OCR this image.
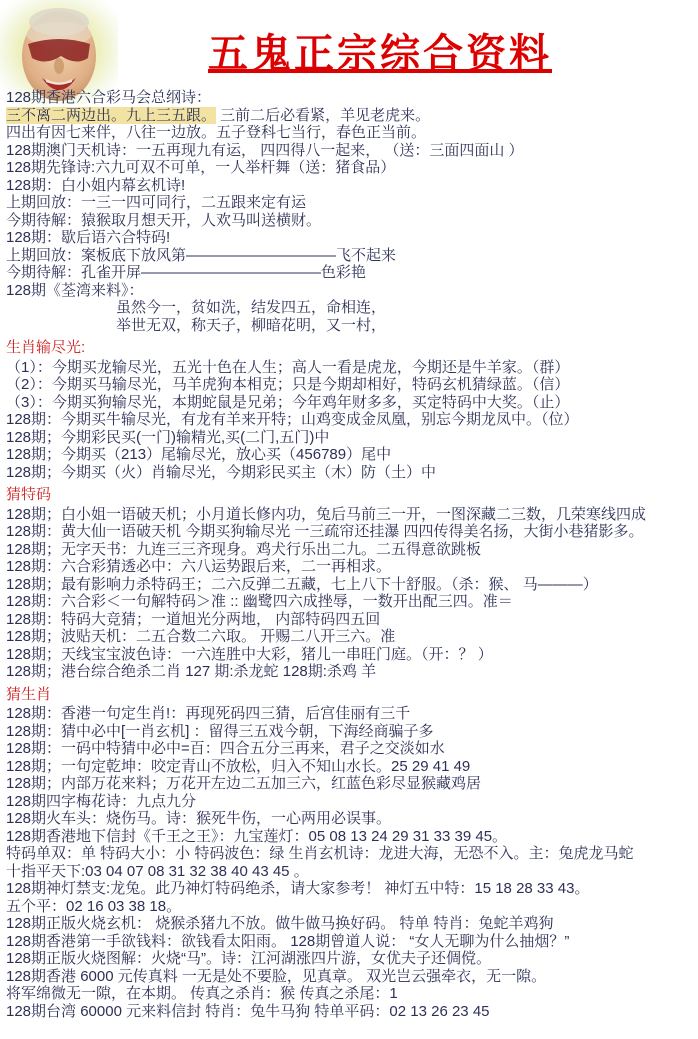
五鬼正宗综合资料
128期香港六合彩马会总纲诗：
三不离二两边出。九上三五跟。 三前二后必看紧，羊见老虎来。
四出有因七来伴，八往一边放。五子登科七当行，春色正当前。
128期澳门天机诗：一五再现九有运， 四四得八一起来， （送：三面四面山 ）
128期先锋诗:六九可双不可单，一人举杆舞（送：猪食品）
128期：白小姐内幕玄机诗!
上期回放：一三一四可同行，二五跟来定有运
今期待解：猿猴取月想天开，人欢马叫送横财。
128期：歇后语六合特码!
上期回放：案板底下放风第——————————飞不起来
今期待解：孔雀开屏————————————色彩艳
128期《荃湾来料》：
虽然今一，贫如洗，结发四五，命相连，
举世无双，称天子，柳暗花明，又一村，
生肖输尽光:
（1）：今期买龙输尽光，五光十色在人生；高人一看是虎龙，今期还是牛羊家。（群）
（2）：今期买马输尽光，马羊虎狗本相克；只是今期却相好，特码玄机猜绿蓝。（信）
（3）：今期买狗输尽光，本期蛇鼠是兄弟；今年鸡年财多多，买定特码中大奖。（止）
128期：今期买牛输尽光，有龙有羊来开特；山鸡变成金凤凰，别忘今期龙凤中。（位）
128期；今期彩民买(一门)输精光,买(二门,五门)中
128期；今期买（213）尾输尽光，放心买（456789）尾中
128期；今期买（火）肖输尽光，今期彩民买主（木）防（土）中
猜特码
128期；白小姐一语破天机；小月道长修内功，兔后马前三一开，一图深藏二三数，几荣寒线四成
128期：黄大仙一语破天机 今期买狗输尽光 一三疏帘还挂瀑 四四传得美名扬，大街小巷猪影多。
128期；无字天书：九连三三齐现身。鸡犬行乐出二九。二五得意欲跳板
128期：六合彩猜透必中：六八运势跟后来，二一再相求。
128期；最有影响力杀特码王；二六反弹二五藏，七上八下十舒服。（杀：猴、 马———）
128期：六合彩＜一句解特码＞准 :: 幽鹭四六成挫辱，一数开出配三四。准＝
128期：特码大竞猜；一道旭光分两地， 内部特码四五回
128期；波贴天机：二五合数二六取。 开赐二八开三六。准
128期；天线宝宝波色诗：一六连胜中大彩，猪儿一串旺门庭。（开：？ ）
128期；港台综合绝杀二肖 127 期:杀龙蛇 128期:杀鸡 羊
猜生肖
128期：香港一句定生肖!：再现死码四三猜，后宫佳丽有三千
128期：猜中必中[一肖玄机] ：留得三五戏今朝，下海经商骗子多
128期：一码中特猜中必中=百：四合五分三再来，君子之交淡如水
128期；一句定乾坤：咬定青山不放松，归入不知山水长。25 29 41 49
128期；内部万花来料；万花开左边二五加三六，红蓝色彩尽显猴藏鸡居
128期四字梅花诗：九点九分
128期火车头：烧伤马。诗：猴死牛伤，一心两用必误事。
128期香港地下信封《千王之王》：九宝莲灯：05 08 13 24 29 31 33 39 45。
特码单双：单 特码大小：小 特码波色：绿 生肖玄机诗：龙进大海，无恐不入。主：兔虎龙马蛇
十指平天下:03 04 07 08 31 32 38 40 43 45 。
128期神灯禁支:龙兔。此乃神灯特码绝杀，请大家参考！ 神灯五中特：15 18 28 33 43。
五个平：02 16 03 38 18。
128期正版火烧玄机： 烧猴杀猪九不放。做牛做马换好码。 特单 特肖：兔蛇羊鸡狗
128期香港第一手欲钱料：欲钱看太阳雨。 128期曾道人说： “女人无聊为什么抽烟？”
128期正版火烧图解：火烧“马”。诗：江河湖涨四片游，女优夫子还倜傥。
128期香港 6000 元传真料 一无是处不要脸，见真章。 双光岂云强牵衣，无一隙。
将军绵微无一隙，在本期。 传真之杀肖：猴 传真之杀尾：1
128期台湾 60000 元来料信封 特肖：兔牛马狗 特单平码：02 13 26 23 45
